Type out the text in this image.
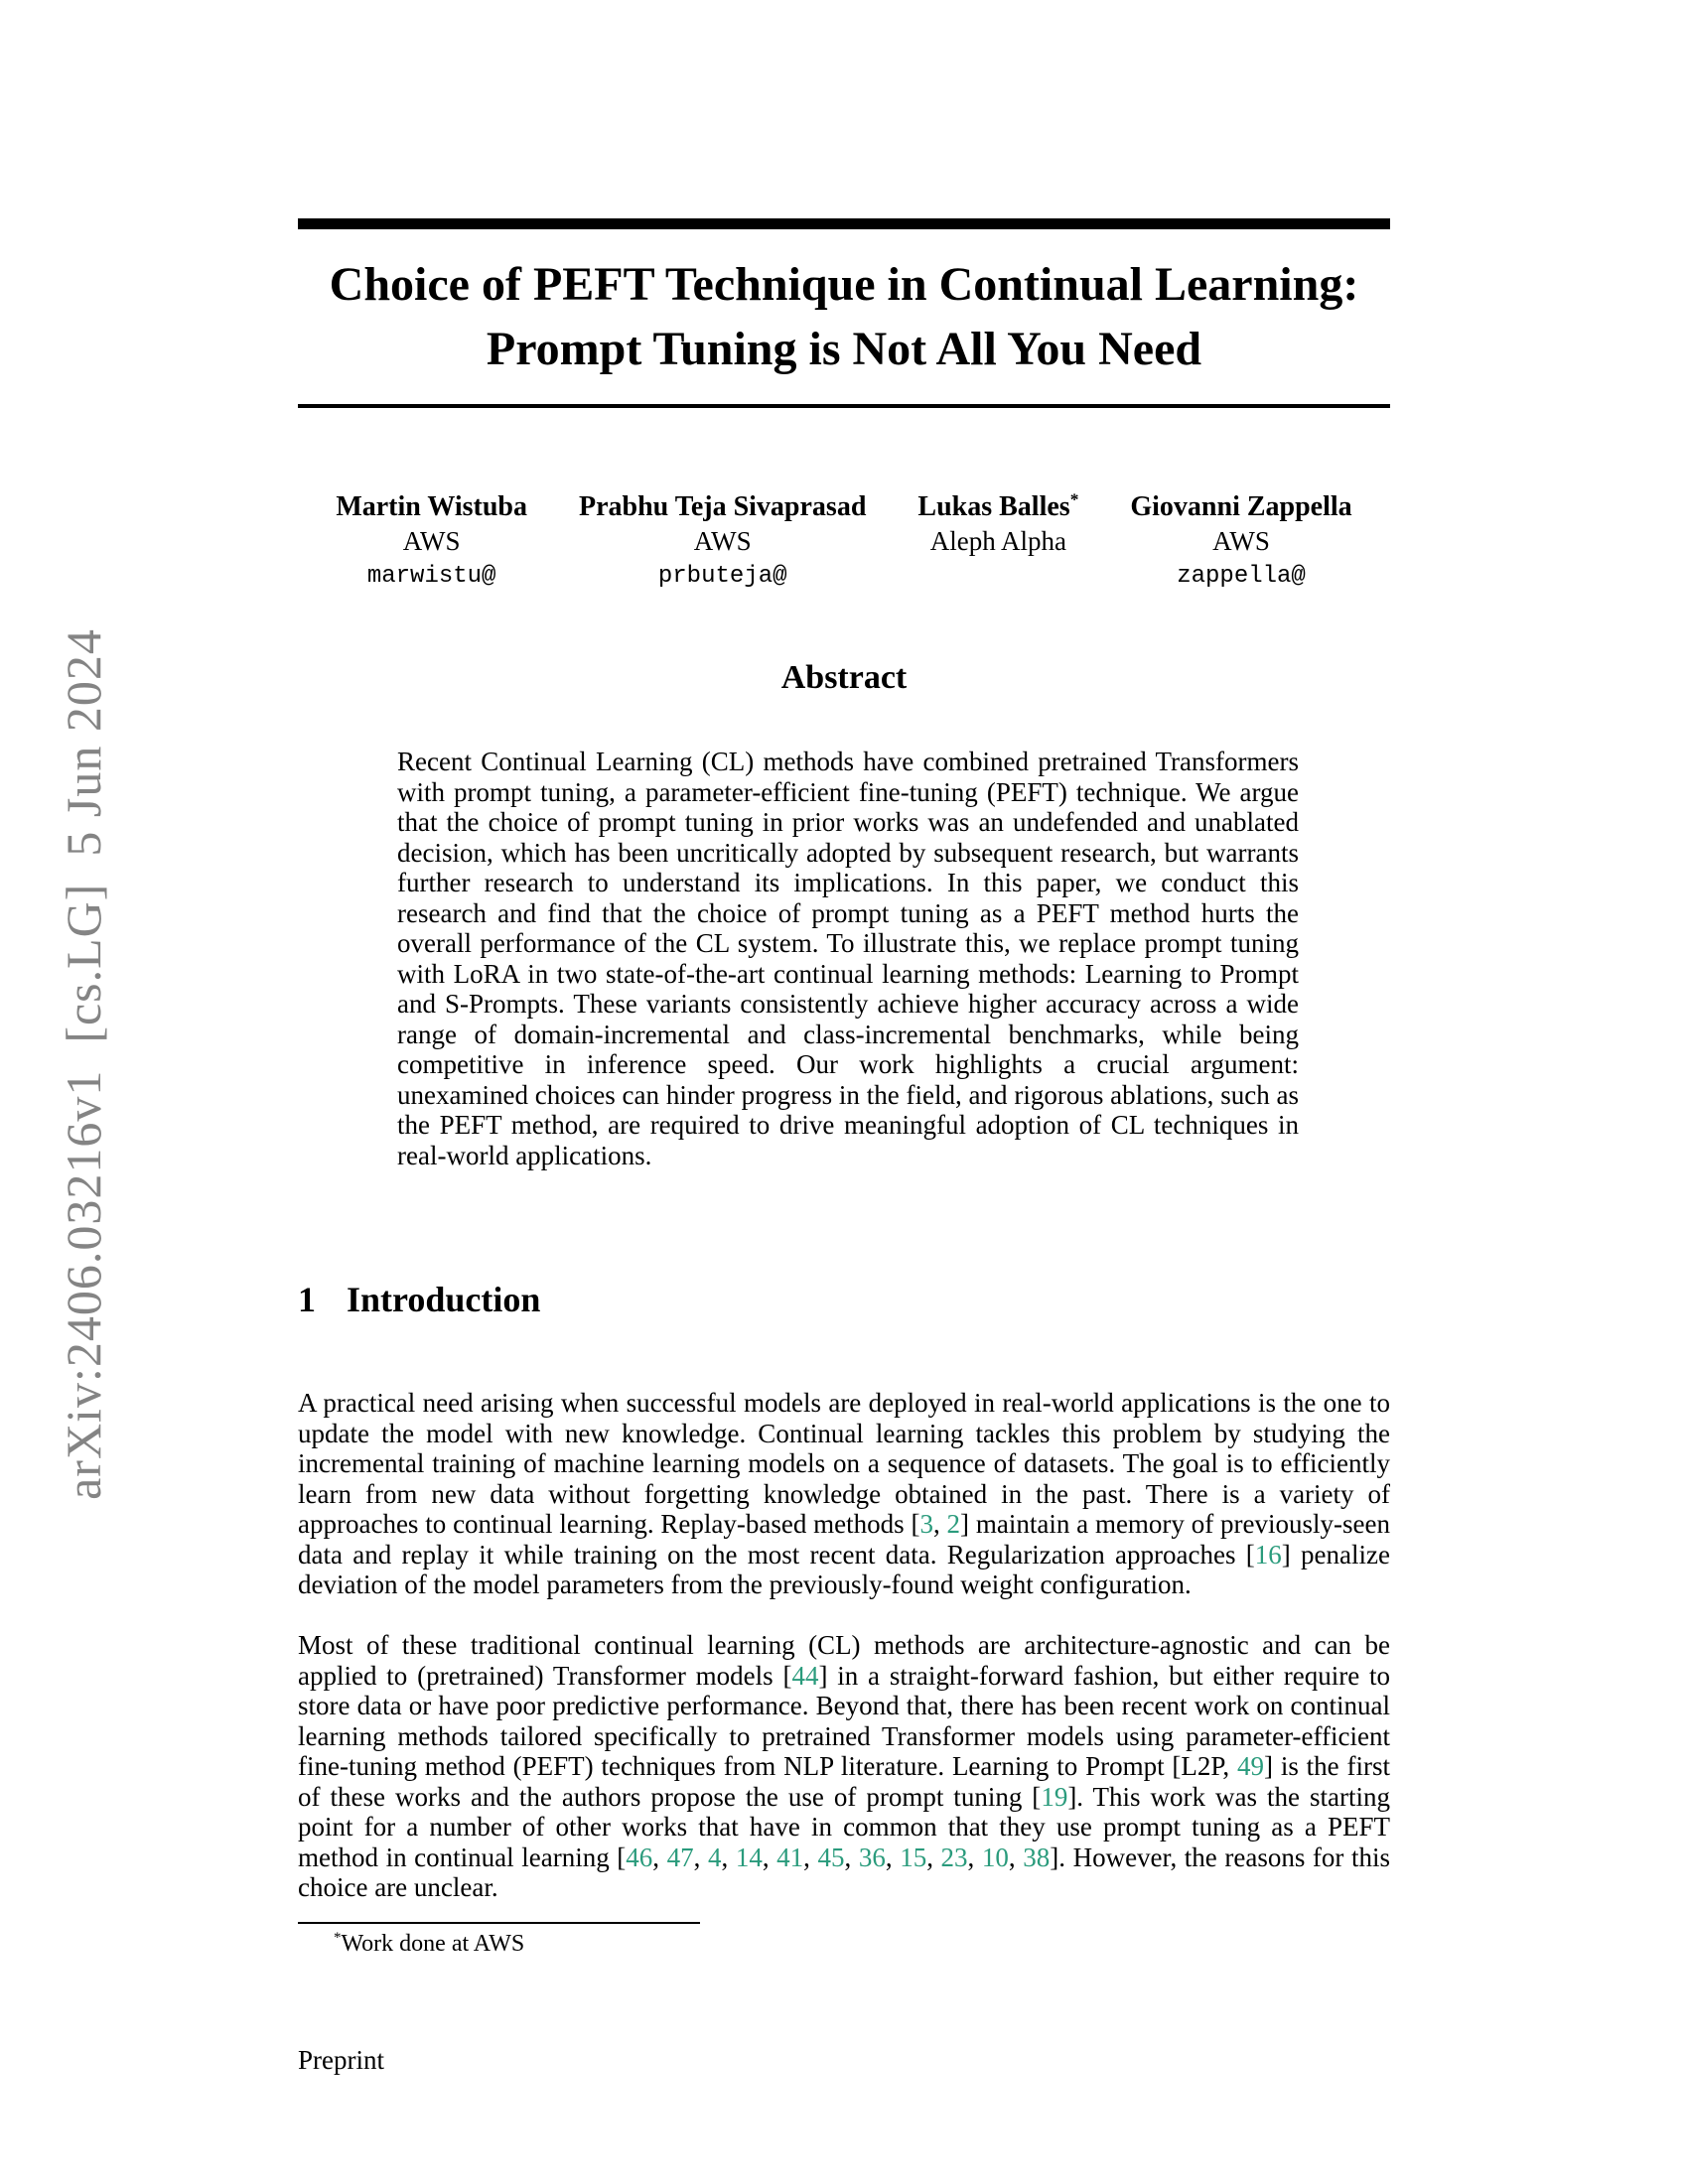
arXiv:2406.03216v1  [cs.LG]  5 Jun 2024
Choice of PEFT Technique in Continual Learning:
Prompt Tuning is Not All You Need
Martin Wistuba
AWS
marwistu@
Prabhu Teja Sivaprasad
AWS
prbuteja@
Lukas Balles*
Aleph Alpha
Giovanni Zappella
AWS
zappella@
Abstract
Recent Continual Learning (CL) methods have combined pretrained Transformers with prompt tuning, a parameter-efficient fine-tuning (PEFT) technique. We argue that the choice of prompt tuning in prior works was an undefended and unablated decision, which has been uncritically adopted by subsequent research, but warrants further research to understand its implications. In this paper, we conduct this research and find that the choice of prompt tuning as a PEFT method hurts the overall performance of the CL system. To illustrate this, we replace prompt tuning with LoRA in two state-of-the-art continual learning methods: Learning to Prompt and S-Prompts. These variants consistently achieve higher accuracy across a wide range of domain-incremental and class-incremental benchmarks, while being competitive in inference speed. Our work highlights a crucial argument: unexamined choices can hinder progress in the field, and rigorous ablations, such as the PEFT method, are required to drive meaningful adoption of CL techniques in real-world applications.
1 Introduction
A practical need arising when successful models are deployed in real-world applications is the one to update the model with new knowledge. Continual learning tackles this problem by studying the incremental training of machine learning models on a sequence of datasets. The goal is to efficiently learn from new data without forgetting knowledge obtained in the past. There is a variety of approaches to continual learning. Replay-based methods [3, 2] maintain a memory of previously-seen data and replay it while training on the most recent data. Regularization approaches [16] penalize deviation of the model parameters from the previously-found weight configuration.
Most of these traditional continual learning (CL) methods are architecture-agnostic and can be applied to (pretrained) Transformer models [44] in a straight-forward fashion, but either require to store data or have poor predictive performance. Beyond that, there has been recent work on continual learning methods tailored specifically to pretrained Transformer models using parameter-efficient fine-tuning method (PEFT) techniques from NLP literature. Learning to Prompt [L2P, 49] is the first of these works and the authors propose the use of prompt tuning [19]. This work was the starting point for a number of other works that have in common that they use prompt tuning as a PEFT method in continual learning [46, 47, 4, 14, 41, 45, 36, 15, 23, 10, 38]. However, the reasons for this choice are unclear.
*Work done at AWS
Preprint
